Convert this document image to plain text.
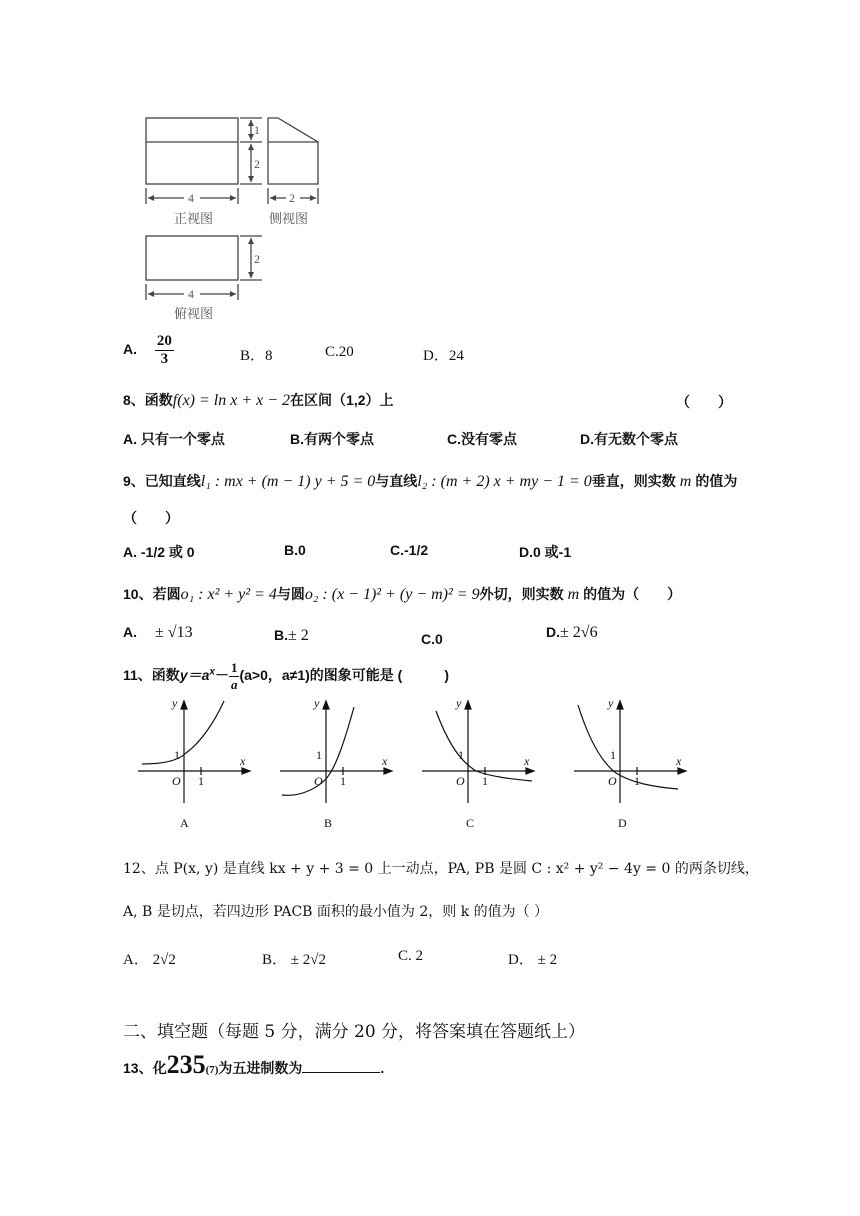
1
2
4	2
2
4
正视图	侧视图
俯视图
A. $\frac{20}{3}$	B．8	C.20	D．24
8、函数f(x) = ln x + x − 2在区间（1,2）上	（　　）
A. 只有一个零点	B.有两个零点	C.没有零点	D.有无数个零点
9、已知直线l₁ : mx + (m − 1) y + 5 = 0与直线l₂ : (m + 2) x + my − 1 = 0垂直，则实数 m 的值为
（　　）
A. -1/2 或 0	B.0	C.-1/2	D.0 或-1
10、若圆o₁ : x² + y² = 4与圆o₂ : (x − 1)² + (y − m)² = 9外切，则实数 m 的值为（　　）
A. ± √13	B.± 2	C.0	D.± 2√6
11、函数$y=a^x- \frac{1}{a} (a>0$，a≠1)的图象可能是 (　　　)
y
x
O 1
1
A
y
x
O 1
1
B
y
x
O 1
1
C
y
x
O 1
1
D
12、点 P(x, y) 是直线 kx + y + 3 = 0 上一动点，PA, PB 是圆 C : x² + y² − 4y = 0 的两条切线，
A, B 是切点，若四边形 PACB 面积的最小值为 2，则 k 的值为（ ）
A． 2√2	B． ± 2√2	C. 2	D． ± 2
二、填空题（每题 5 分，满分 20 分，将答案填在答题纸上）
13、化235(7)为五进制数为	.
